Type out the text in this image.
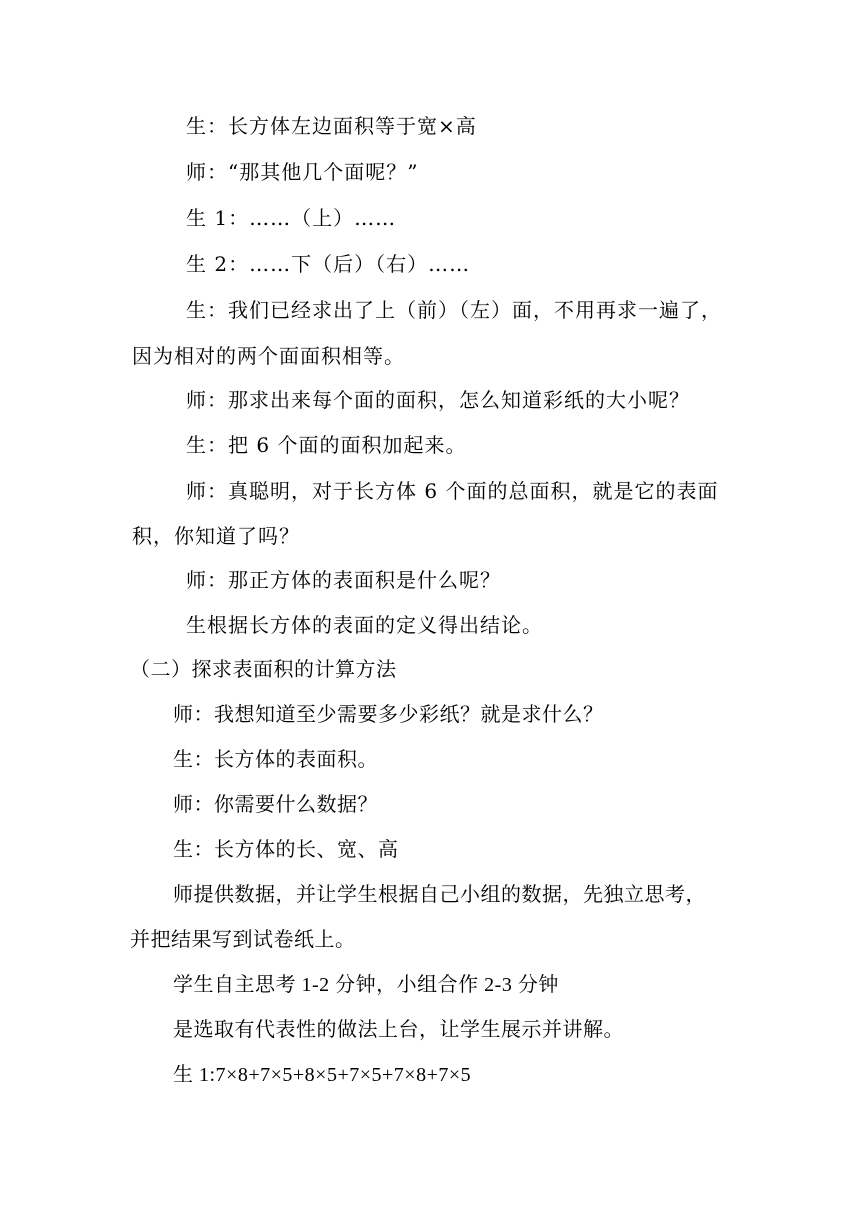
生：长方体左边面积等于宽×高
师：“那其他几个面呢？”
生 1：……（上）……
生 2：……下（后）（右）……
生：我们已经求出了上（前）（左）面，不用再求一遍了，
因为相对的两个面面积相等。
师：那求出来每个面的面积，怎么知道彩纸的大小呢？
生：把 6 个面的面积加起来。
师：真聪明，对于长方体 6 个面的总面积，就是它的表面
积，你知道了吗？
师：那正方体的表面积是什么呢？
生根据长方体的表面的定义得出结论。
（二）探求表面积的计算方法
师：我想知道至少需要多少彩纸？就是求什么？
生：长方体的表面积。
师：你需要什么数据？
生：长方体的长、宽、高
师提供数据，并让学生根据自己小组的数据，先独立思考，
并把结果写到试卷纸上。
学生自主思考 1-2 分钟，小组合作 2-3 分钟
是选取有代表性的做法上台，让学生展示并讲解。
生 1:7×8+7×5+8×5+7×5+7×8+7×5
